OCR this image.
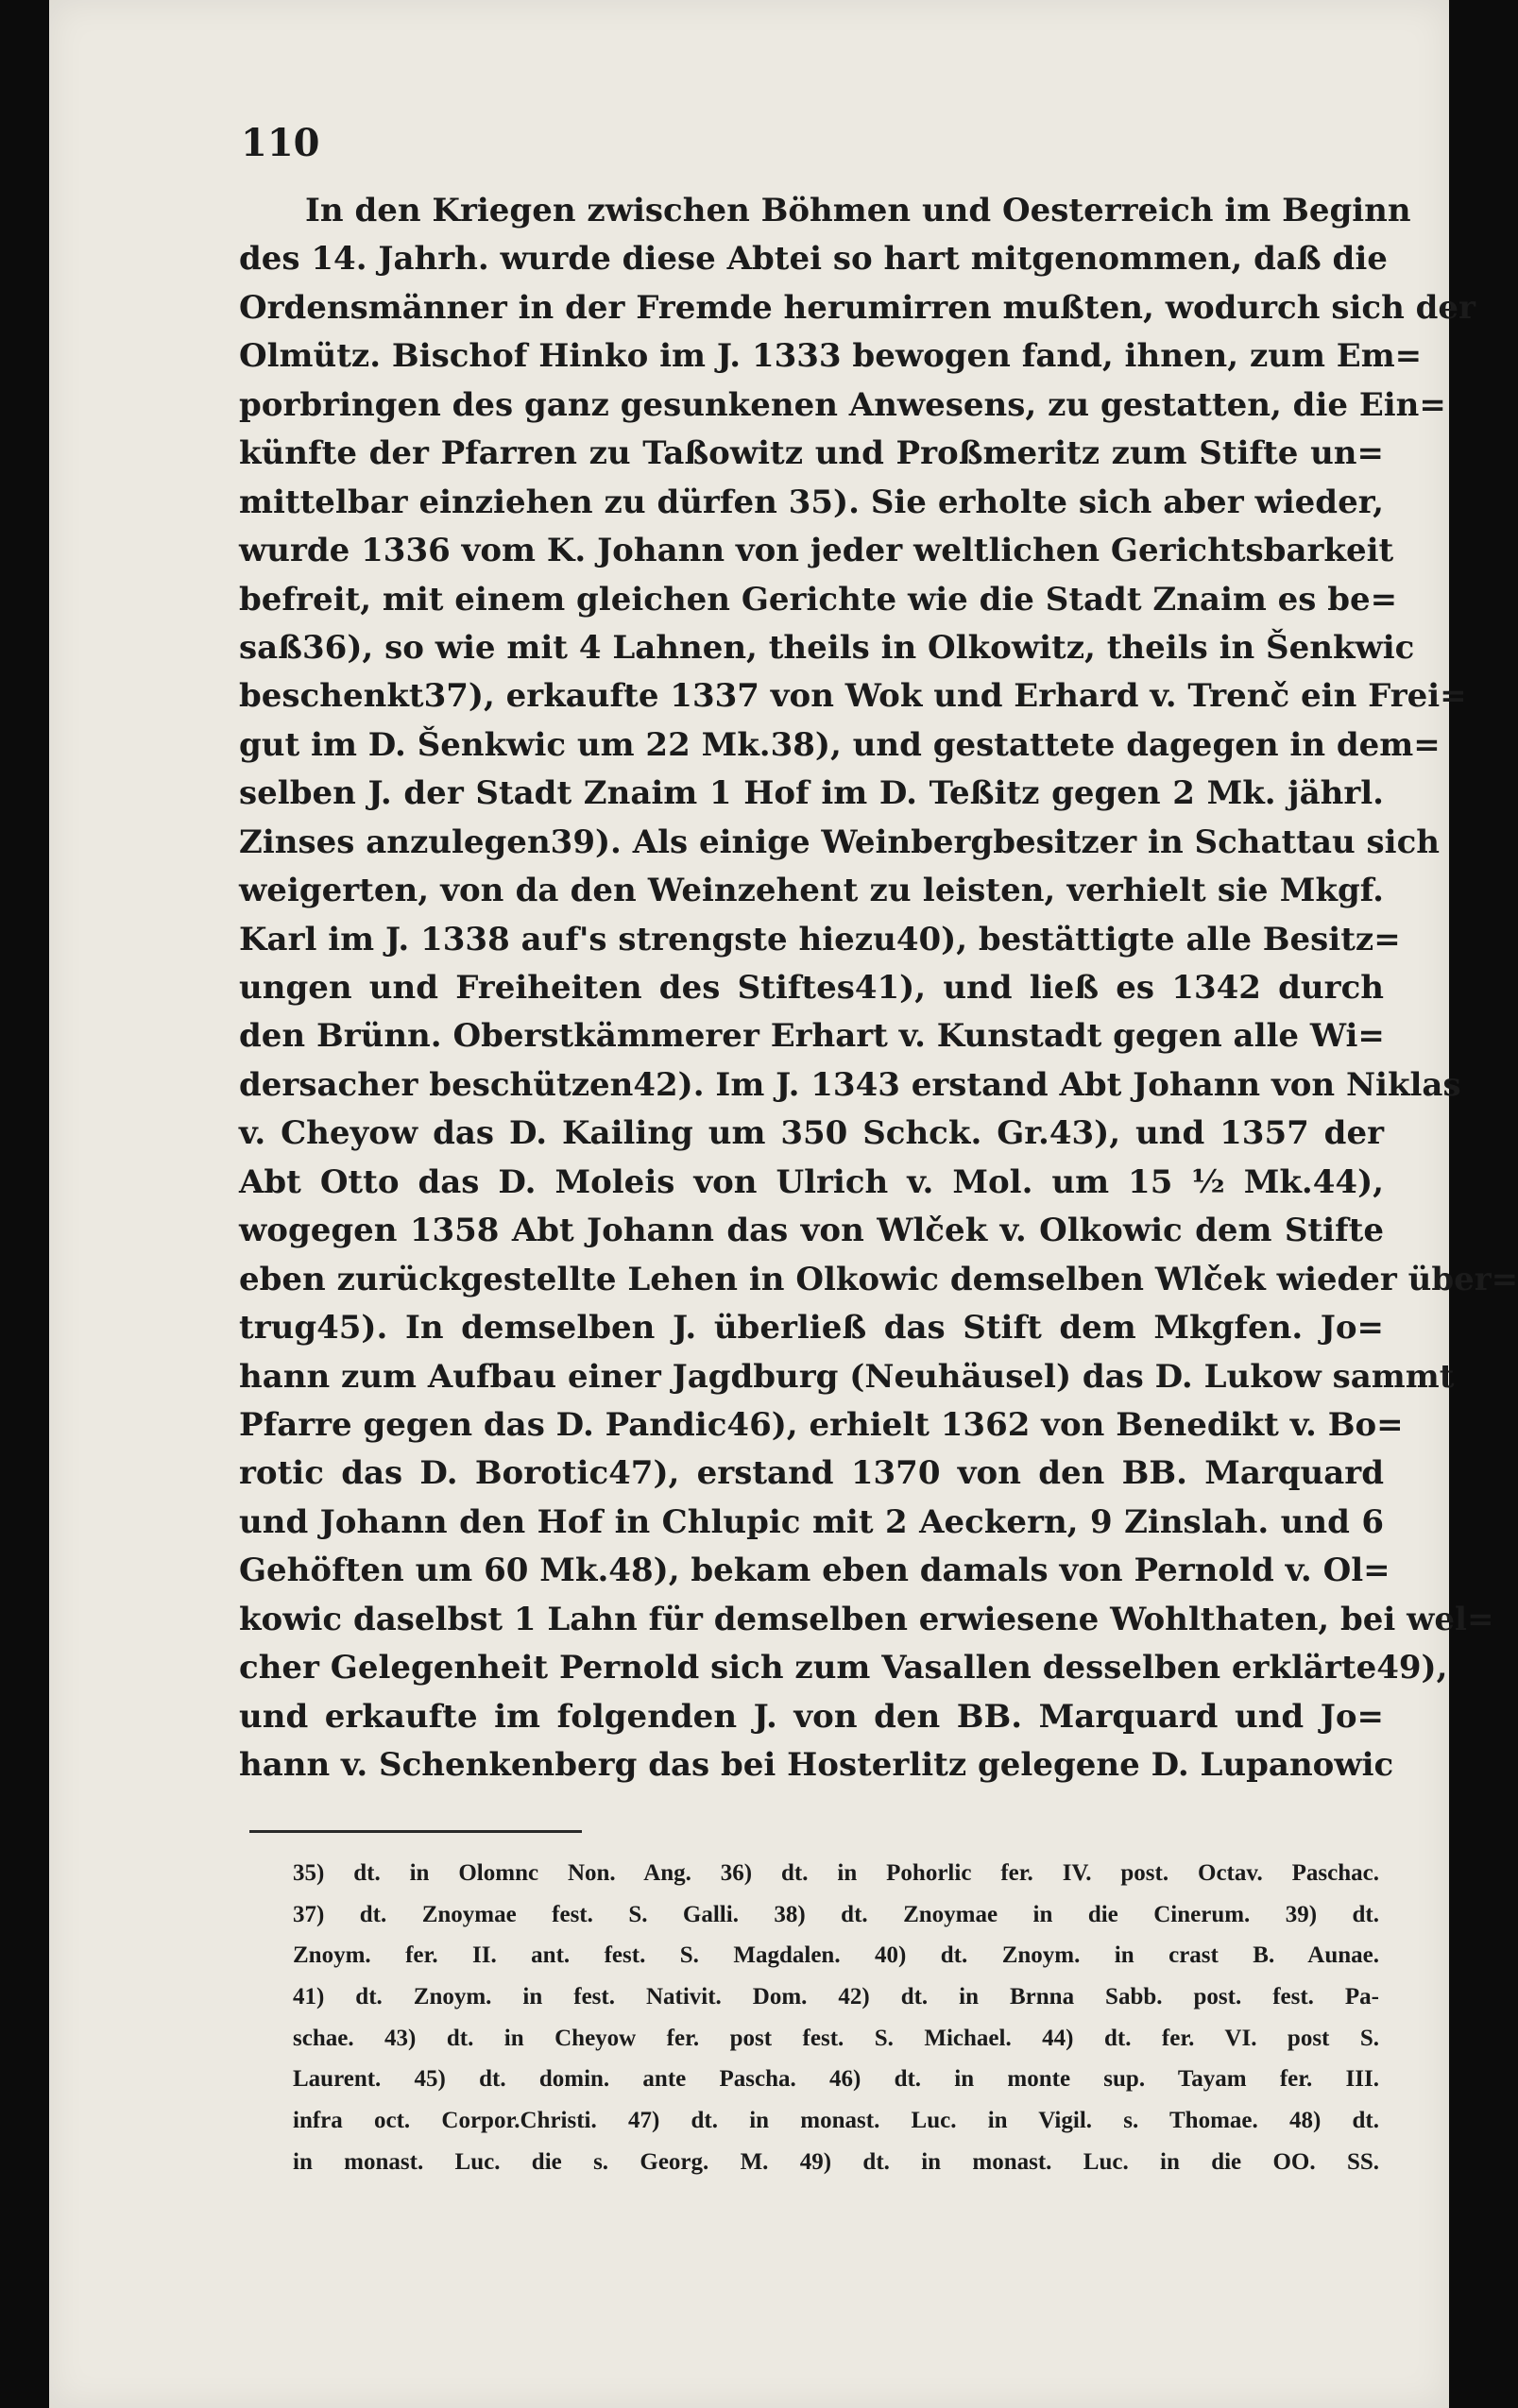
110

In den Kriegen zwischen Böhmen und Oesterreich im Beginn
des 14. Jahrh. wurde diese Abtei so hart mitgenommen, daß die
Ordensmänner in der Fremde herumirren mußten, wodurch sich der
Olmütz. Bischof Hinko im J. 1333 bewogen fand, ihnen, zum Em=
porbringen des ganz gesunkenen Anwesens, zu gestatten, die Ein=
künfte der Pfarren zu Taßowitz und Proßmeritz zum Stifte un=
mittelbar einziehen zu dürfen 35). Sie erholte sich aber wieder,
wurde 1336 vom K. Johann von jeder weltlichen Gerichtsbarkeit
befreit, mit einem gleichen Gerichte wie die Stadt Znaim es be=
saß36), so wie mit 4 Lahnen, theils in Olkowitz, theils in Šenkwic
beschenkt37), erkaufte 1337 von Wok und Erhard v. Trenč ein Frei=
gut im D. Šenkwic um 22 Mk.38), und gestattete dagegen in dem=
selben J. der Stadt Znaim 1 Hof im D. Teßitz gegen 2 Mk. jährl.
Zinses anzulegen39). Als einige Weinbergbesitzer in Schattau sich
weigerten, von da den Weinzehent zu leisten, verhielt sie Mkgf.
Karl im J. 1338 auf's strengste hiezu40), bestättigte alle Besitz=
ungen und Freiheiten des Stiftes41), und ließ es 1342 durch
den Brünn. Oberstkämmerer Erhart v. Kunstadt gegen alle Wi=
dersacher beschützen42). Im J. 1343 erstand Abt Johann von Niklas
v. Cheyow das D. Kailing um 350 Schck. Gr.43), und 1357 der
Abt Otto das D. Moleis von Ulrich v. Mol. um 15 ½ Mk.44),
wogegen 1358 Abt Johann das von Wlček v. Olkowic dem Stifte
eben zurückgestellte Lehen in Olkowic demselben Wlček wieder über=
trug45). In demselben J. überließ das Stift dem Mkgfen. Jo=
hann zum Aufbau einer Jagdburg (Neuhäusel) das D. Lukow sammt
Pfarre gegen das D. Pandic46), erhielt 1362 von Benedikt v. Bo=
rotic das D. Borotic47), erstand 1370 von den BB. Marquard
und Johann den Hof in Chlupic mit 2 Aeckern, 9 Zinslah. und 6
Gehöften um 60 Mk.48), bekam eben damals von Pernold v. Ol=
kowic daselbst 1 Lahn für demselben erwiesene Wohlthaten, bei wel=
cher Gelegenheit Pernold sich zum Vasallen desselben erklärte49),
und erkaufte im folgenden J. von den BB. Marquard und Jo=
hann v. Schenkenberg das bei Hosterlitz gelegene D. Lupanowic
35) dt. in Olomnc Non. Ang. 36) dt. in Pohorlic fer. IV. post. Octav. Paschac.
37) dt. Znoymae fest. S. Galli. 38) dt. Znoymae in die Cinerum. 39) dt.
Znoym. fer. II. ant. fest. S. Magdalen. 40) dt. Znoym. in crast B. Aunae.
41) dt. Znoym. in fest. Nativit. Dom. 42) dt. in Brnna Sabb. post. fest. Pa-
schae. 43) dt. in Cheyow fer. post fest. S. Michael. 44) dt. fer. VI. post S.
Laurent. 45) dt. domin. ante Pascha. 46) dt. in monte sup. Tayam fer. III.
infra oct. Corpor.Christi. 47) dt. in monast. Luc. in Vigil. s. Thomae. 48) dt.
in monast. Luc. die s. Georg. M. 49) dt. in monast. Luc. in die OO. SS.
